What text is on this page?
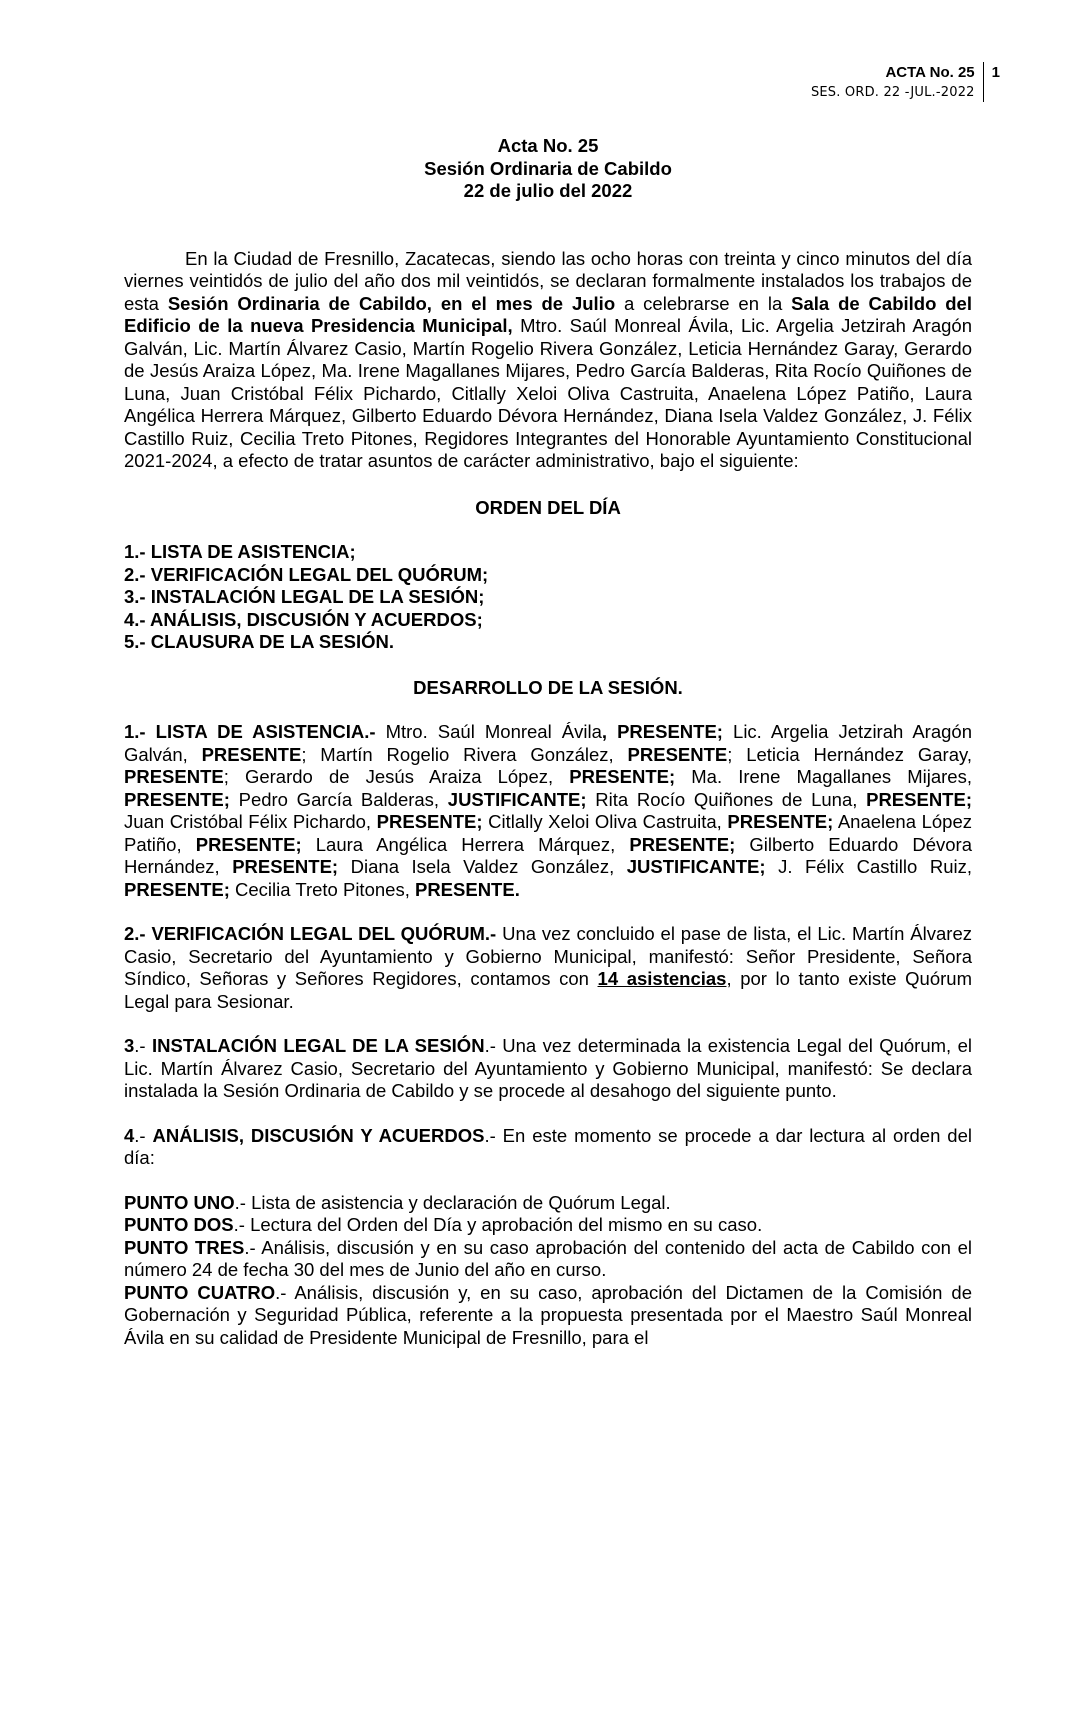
ACTA No. 25
SES. ORD. 22 -JUL.-2022
1
Acta No. 25
Sesión Ordinaria de Cabildo
22 de julio del 2022

En la Ciudad de Fresnillo, Zacatecas, siendo las ocho horas con treinta y cinco minutos del día viernes veintidós de julio del año dos mil veintidós, se declaran formalmente instalados los trabajos de esta Sesión Ordinaria de Cabildo, en el mes de Julio a celebrarse en la Sala de Cabildo del Edificio de la nueva Presidencia Municipal, Mtro. Saúl Monreal Ávila, Lic. Argelia Jetzirah Aragón Galván, Lic. Martín Álvarez Casio, Martín Rogelio Rivera González, Leticia Hernández Garay, Gerardo de Jesús Araiza López, Ma. Irene Magallanes Mijares, Pedro García Balderas, Rita Rocío Quiñones de Luna, Juan Cristóbal Félix Pichardo, Citlally Xeloi Oliva Castruita, Anaelena López Patiño, Laura Angélica Herrera Márquez, Gilberto Eduardo Dévora Hernández, Diana Isela Valdez González, J. Félix Castillo Ruiz, Cecilia Treto Pitones, Regidores Integrantes del Honorable Ayuntamiento Constitucional 2021-2024, a efecto de tratar asuntos de carácter administrativo, bajo el siguiente:

ORDEN DEL DÍA
1.- LISTA DE ASISTENCIA;
2.- VERIFICACIÓN LEGAL DEL QUÓRUM;
3.- INSTALACIÓN LEGAL DE LA SESIÓN;
4.- ANÁLISIS, DISCUSIÓN Y ACUERDOS;
5.- CLAUSURA DE LA SESIÓN.
DESARROLLO DE LA SESIÓN.

1.- LISTA DE ASISTENCIA.- Mtro. Saúl Monreal Ávila, PRESENTE; Lic. Argelia Jetzirah Aragón Galván, PRESENTE; Martín Rogelio Rivera González, PRESENTE; Leticia Hernández Garay, PRESENTE; Gerardo de Jesús Araiza López, PRESENTE; Ma. Irene Magallanes Mijares, PRESENTE; Pedro García Balderas, JUSTIFICANTE; Rita Rocío Quiñones de Luna, PRESENTE; Juan Cristóbal Félix Pichardo, PRESENTE; Citlally Xeloi Oliva Castruita, PRESENTE; Anaelena López Patiño, PRESENTE; Laura Angélica Herrera Márquez, PRESENTE; Gilberto Eduardo Dévora Hernández, PRESENTE; Diana Isela Valdez González, JUSTIFICANTE; J. Félix Castillo Ruiz, PRESENTE; Cecilia Treto Pitones, PRESENTE.

2.- VERIFICACIÓN LEGAL DEL QUÓRUM.- Una vez concluido el pase de lista, el Lic. Martín Álvarez Casio, Secretario del Ayuntamiento y Gobierno Municipal, manifestó: Señor Presidente, Señora Síndico, Señoras y Señores Regidores, contamos con 14 asistencias, por lo tanto existe Quórum Legal para Sesionar.

3.- INSTALACIÓN LEGAL DE LA SESIÓN.- Una vez determinada la existencia Legal del Quórum, el Lic. Martín Álvarez Casio, Secretario del Ayuntamiento y Gobierno Municipal, manifestó: Se declara instalada la Sesión Ordinaria de Cabildo y se procede al desahogo del siguiente punto.

4.- ANÁLISIS, DISCUSIÓN Y ACUERDOS.- En este momento se procede a dar lectura al orden del día:

PUNTO UNO.- Lista de asistencia y declaración de Quórum Legal.

PUNTO DOS.- Lectura del Orden del Día y aprobación del mismo en su caso.

PUNTO TRES.- Análisis, discusión y en su caso aprobación del contenido del acta de Cabildo con el número 24 de fecha 30 del mes de Junio del año en curso.

PUNTO CUATRO.- Análisis, discusión y, en su caso, aprobación del Dictamen de la Comisión de Gobernación y Seguridad Pública, referente a la propuesta presentada por el Maestro Saúl Monreal Ávila en su calidad de Presidente Municipal de Fresnillo, para el
